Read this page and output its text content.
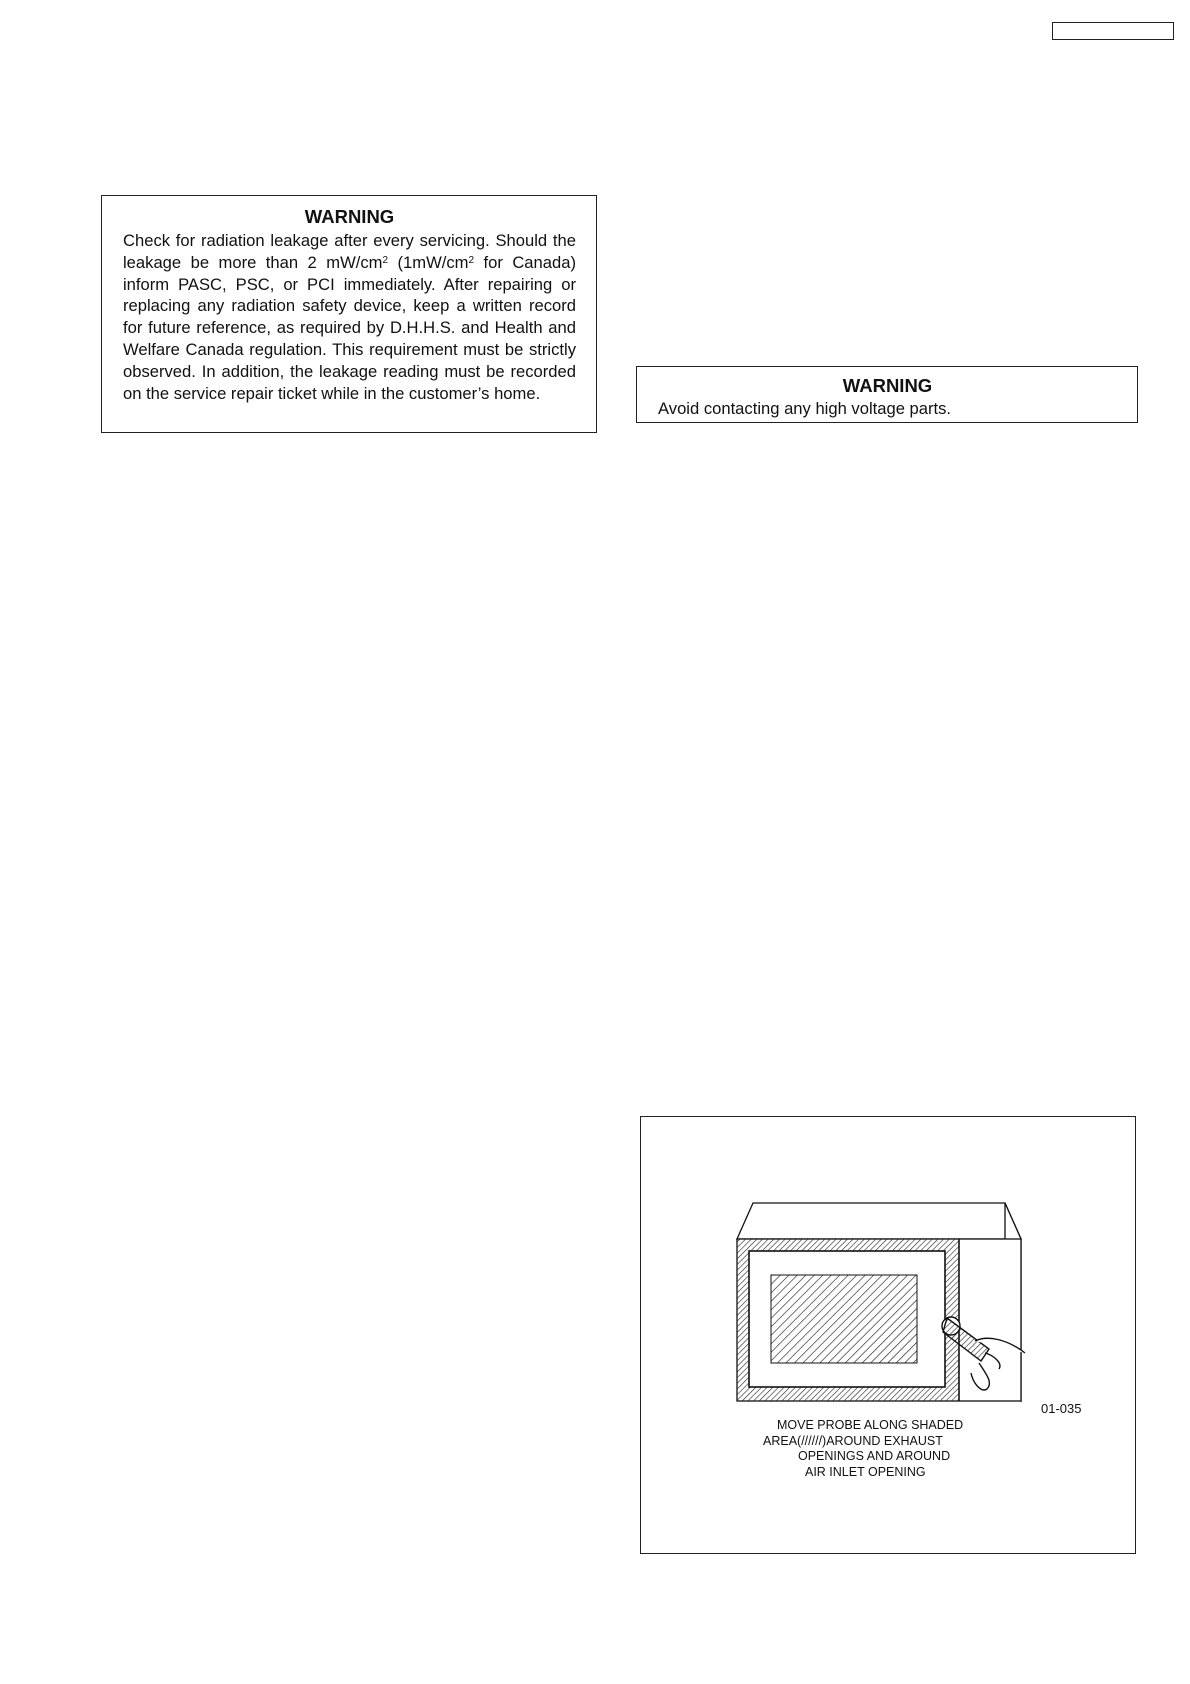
WARNING
Check for radiation leakage after every servicing. Should the leakage be more than 2 $mW/cm^2$ ($1mW/cm^2$ for Canada) inform PASC, PSC, or PCI immediately. After repairing or replacing any radiation safety device, keep a written record for future reference, as required by D.H.H.S. and Health and Welfare Canada regulation. This requirement must be strictly observed. In addition, the leakage reading must be recorded on the service repair ticket while in the customer’s home.	WARNING
Avoid contacting any high voltage parts.
01-035
MOVE PROBE ALONG SHADED
AREA(//////)AROUND EXHAUST
OPENINGS AND AROUND
AIR INLET OPENING
